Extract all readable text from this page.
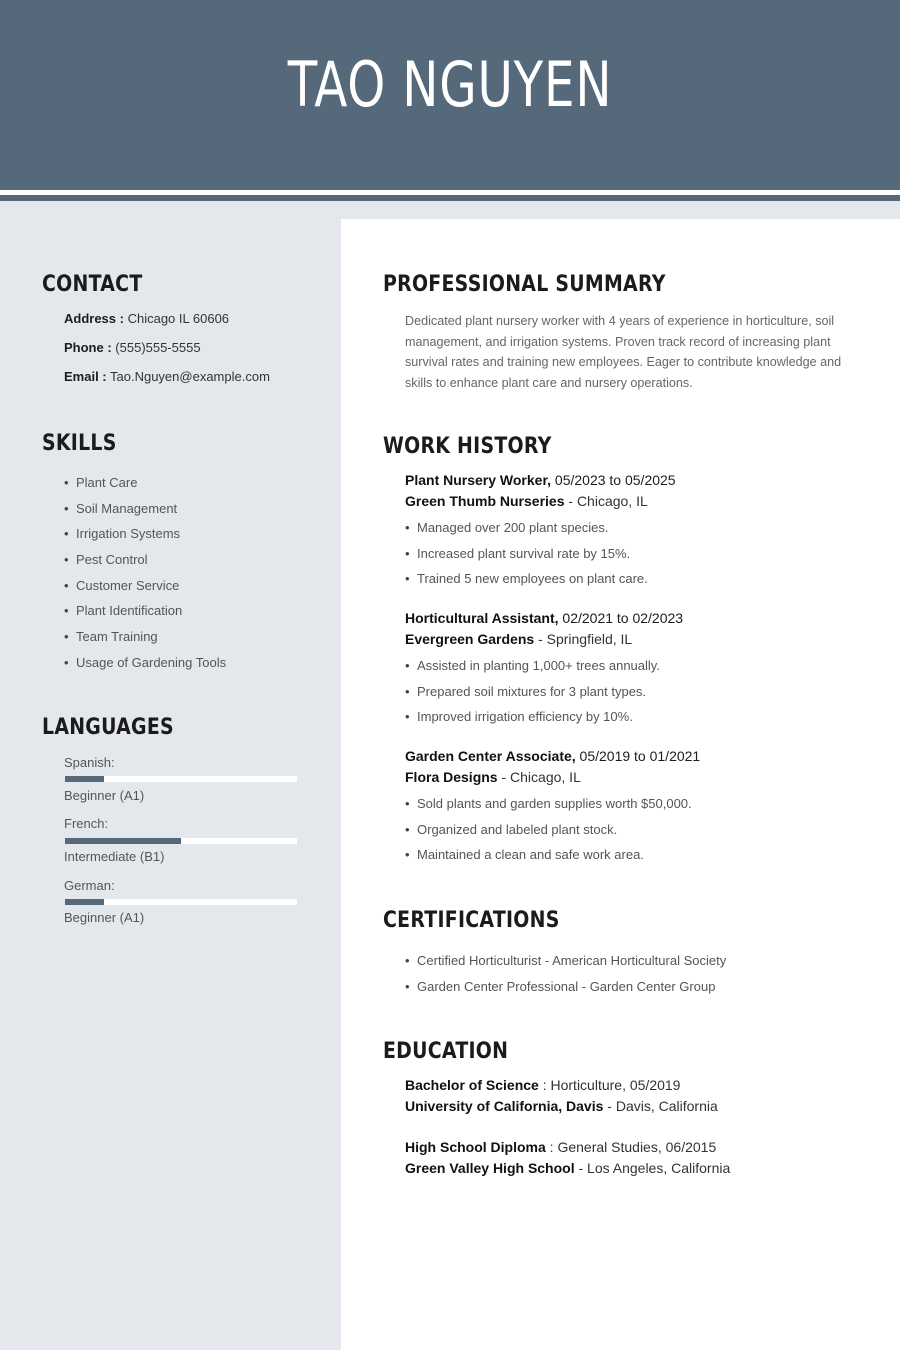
TAO NGUYEN
CONTACT
Address : Chicago IL 60606
Phone : (555)555-5555
Email : Tao.Nguyen@example.com
SKILLS
• Plant Care
• Soil Management
• Irrigation Systems
• Pest Control
• Customer Service
• Plant Identification
• Team Training
• Usage of Gardening Tools
LANGUAGES
Spanish:
Beginner (A1)
French:
Intermediate (B1)
German:
Beginner (A1)
PROFESSIONAL SUMMARY

Dedicated plant nursery worker with 4 years of experience in horticulture, soil management, and irrigation systems. Proven track record of increasing plant survival rates and training new employees. Eager to contribute knowledge and skills to enhance plant care and nursery operations.

WORK HISTORY
Plant Nursery Worker, 05/2023 to 05/2025
Green Thumb Nurseries - Chicago, IL
• Managed over 200 plant species.
• Increased plant survival rate by 15%.
• Trained 5 new employees on plant care.
Horticultural Assistant, 02/2021 to 02/2023
Evergreen Gardens - Springfield, IL
• Assisted in planting 1,000+ trees annually.
• Prepared soil mixtures for 3 plant types.
• Improved irrigation efficiency by 10%.
Garden Center Associate, 05/2019 to 01/2021
Flora Designs - Chicago, IL
• Sold plants and garden supplies worth $50,000.
• Organized and labeled plant stock.
• Maintained a clean and safe work area.
CERTIFICATIONS
• Certified Horticulturist - American Horticultural Society
• Garden Center Professional - Garden Center Group
EDUCATION
Bachelor of Science : Horticulture, 05/2019
University of California, Davis - Davis, California
High School Diploma : General Studies, 06/2015
Green Valley High School - Los Angeles, California
